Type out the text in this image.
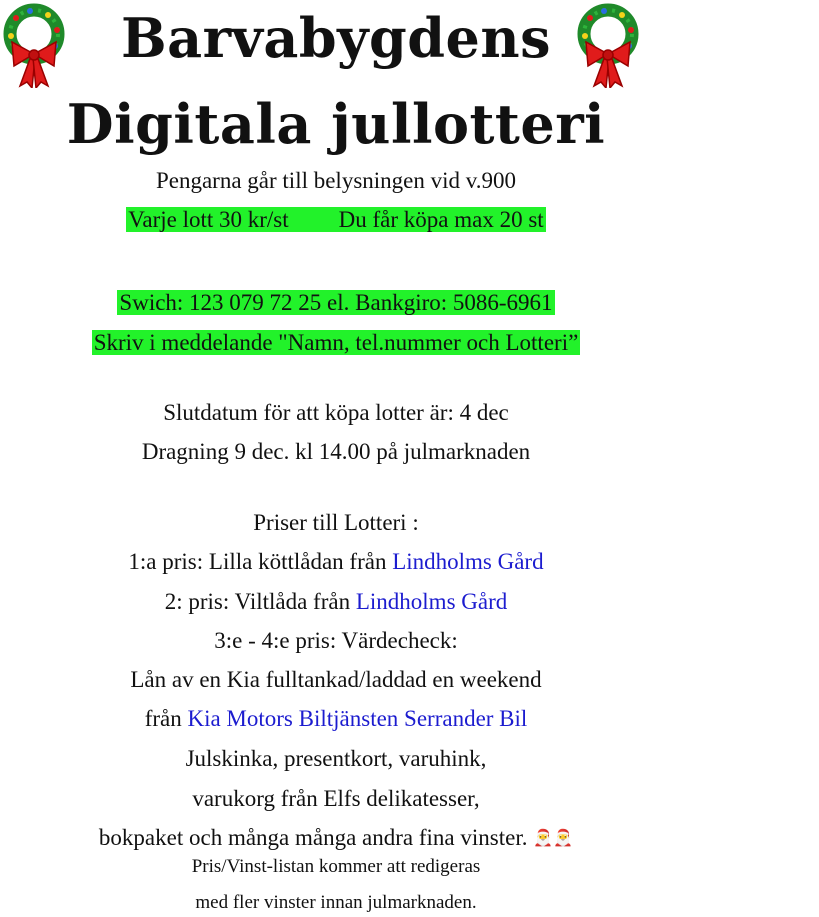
Barvabygdens
Digitala jullotteri
Pengarna går till belysningen vid v.900
Varje lott 30 kr/st Du får köpa max 20 st
Swich: 123 079 72 25 el. Bankgiro: 5086-6961
Skriv i meddelande "Namn, tel.nummer och Lotteri”
Slutdatum för att köpa lotter är: 4 dec
Dragning 9 dec. kl 14.00 på julmarknaden
Priser till Lotteri :
1:a pris: Lilla köttlådan från Lindholms Gård
2: pris: Viltlåda från Lindholms Gård
3:e - 4:e pris: Värdecheck:
Lån av en Kia fulltankad/laddad en weekend
från Kia Motors Biltjänsten Serrander Bil
Julskinka, presentkort, varuhink,
varukorg från Elfs delikatesser,
bokpaket och många många andra fina vinster. 🎅🎅
Pris/Vinst-listan kommer att redigeras
med fler vinster innan julmarknaden.
